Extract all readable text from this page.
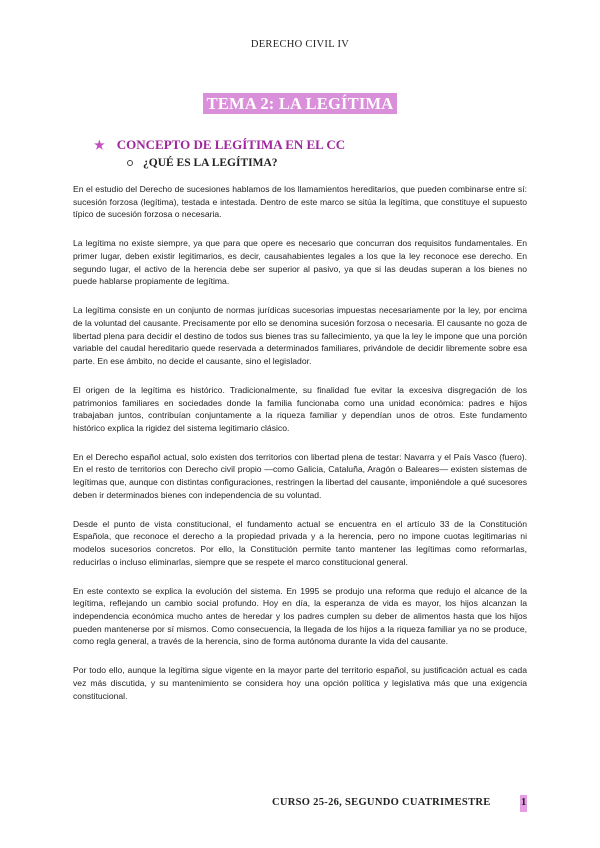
DERECHO CIVIL IV
TEMA 2: LA LEGÍTIMA
★ CONCEPTO DE LEGÍTIMA EN EL CC
¿QUÉ ES LA LEGÍTIMA?

En el estudio del Derecho de sucesiones hablamos de los llamamientos hereditarios, que pueden combinarse entre sí: sucesión forzosa (legítima), testada e intestada. Dentro de este marco se sitúa la legítima, que constituye el supuesto típico de sucesión forzosa o necesaria.

La legítima no existe siempre, ya que para que opere es necesario que concurran dos requisitos fundamentales. En primer lugar, deben existir legitimarios, es decir, causahabientes legales a los que la ley reconoce ese derecho. En segundo lugar, el activo de la herencia debe ser superior al pasivo, ya que si las deudas superan a los bienes no puede hablarse propiamente de legítima.

La legítima consiste en un conjunto de normas jurídicas sucesorias impuestas necesariamente por la ley, por encima de la voluntad del causante. Precisamente por ello se denomina sucesión forzosa o necesaria. El causante no goza de libertad plena para decidir el destino de todos sus bienes tras su fallecimiento, ya que la ley le impone que una porción variable del caudal hereditario quede reservada a determinados familiares, privándole de decidir libremente sobre esa parte. En ese ámbito, no decide el causante, sino el legislador.

El origen de la legítima es histórico. Tradicionalmente, su finalidad fue evitar la excesiva disgregación de los patrimonios familiares en sociedades donde la familia funcionaba como una unidad económica: padres e hijos trabajaban juntos, contribuían conjuntamente a la riqueza familiar y dependían unos de otros. Este fundamento histórico explica la rigidez del sistema legitimario clásico.

En el Derecho español actual, solo existen dos territorios con libertad plena de testar: Navarra y el País Vasco (fuero). En el resto de territorios con Derecho civil propio —como Galicia, Cataluña, Aragón o Baleares— existen sistemas de legítimas que, aunque con distintas configuraciones, restringen la libertad del causante, imponiéndole a qué sucesores deben ir determinados bienes con independencia de su voluntad.

Desde el punto de vista constitucional, el fundamento actual se encuentra en el artículo 33 de la Constitución Española, que reconoce el derecho a la propiedad privada y a la herencia, pero no impone cuotas legitimarias ni modelos sucesorios concretos. Por ello, la Constitución permite tanto mantener las legítimas como reformarlas, reducirlas o incluso eliminarlas, siempre que se respete el marco constitucional general.

En este contexto se explica la evolución del sistema. En 1995 se produjo una reforma que redujo el alcance de la legítima, reflejando un cambio social profundo. Hoy en día, la esperanza de vida es mayor, los hijos alcanzan la independencia económica mucho antes de heredar y los padres cumplen su deber de alimentos hasta que los hijos pueden mantenerse por sí mismos. Como consecuencia, la llegada de los hijos a la riqueza familiar ya no se produce, como regla general, a través de la herencia, sino de forma autónoma durante la vida del causante.

Por todo ello, aunque la legítima sigue vigente en la mayor parte del territorio español, su justificación actual es cada vez más discutida, y su mantenimiento se considera hoy una opción política y legislativa más que una exigencia constitucional.

CURSO 25-26, SEGUNDO CUATRIMESTRE	1
